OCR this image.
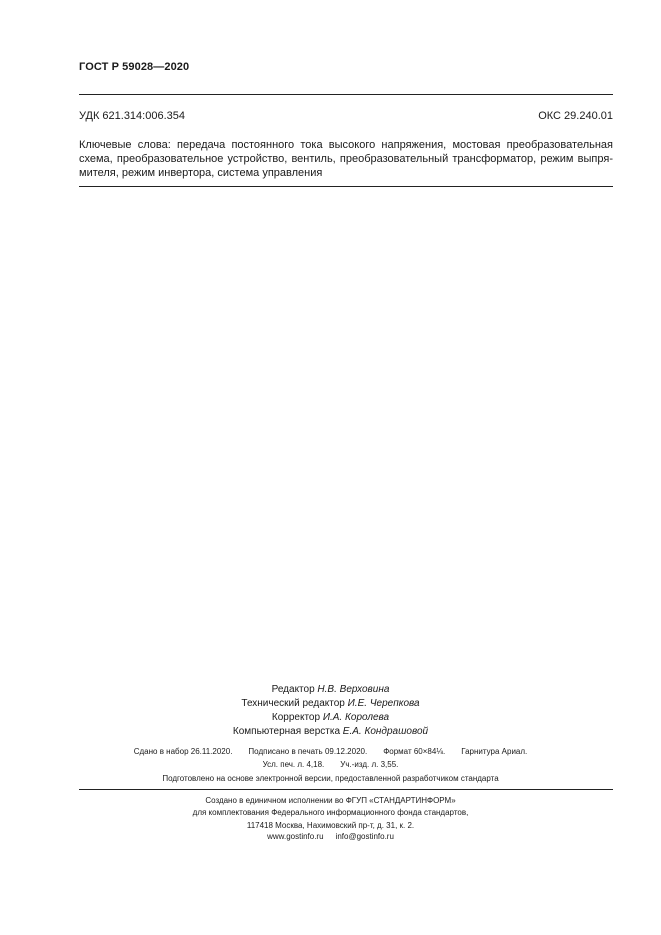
ГОСТ Р 59028—2020
УДК 621.314:006.354	ОКС 29.240.01
Ключевые слова: передача постоянного тока высокого напряжения, мостовая преобразовательная
схема, преобразовательное устройство, вентиль, преобразовательный трансформатор, режим выпря-
мителя, режим инвертора, система управления
Редактор Н.В. Верховина
Технический редактор И.Е. Черепкова
Корректор И.А. Королева
Компьютерная верстка Е.А. Кондрашовой
Сдано в набор 26.11.2020. Подписано в печать 09.12.2020. Формат 60×84⅛. Гарнитура Ариал.
Усл. печ. л. 4,18. Уч.-изд. л. 3,55.
Подготовлено на основе электронной версии, предоставленной разработчиком стандарта
Создано в единичном исполнении во ФГУП «СТАНДАРТИНФОРМ»
для комплектования Федерального информационного фонда стандартов,
117418 Москва, Нахимовский пр-т, д. 31, к. 2.
www.gostinfo.ru info@gostinfo.ru
